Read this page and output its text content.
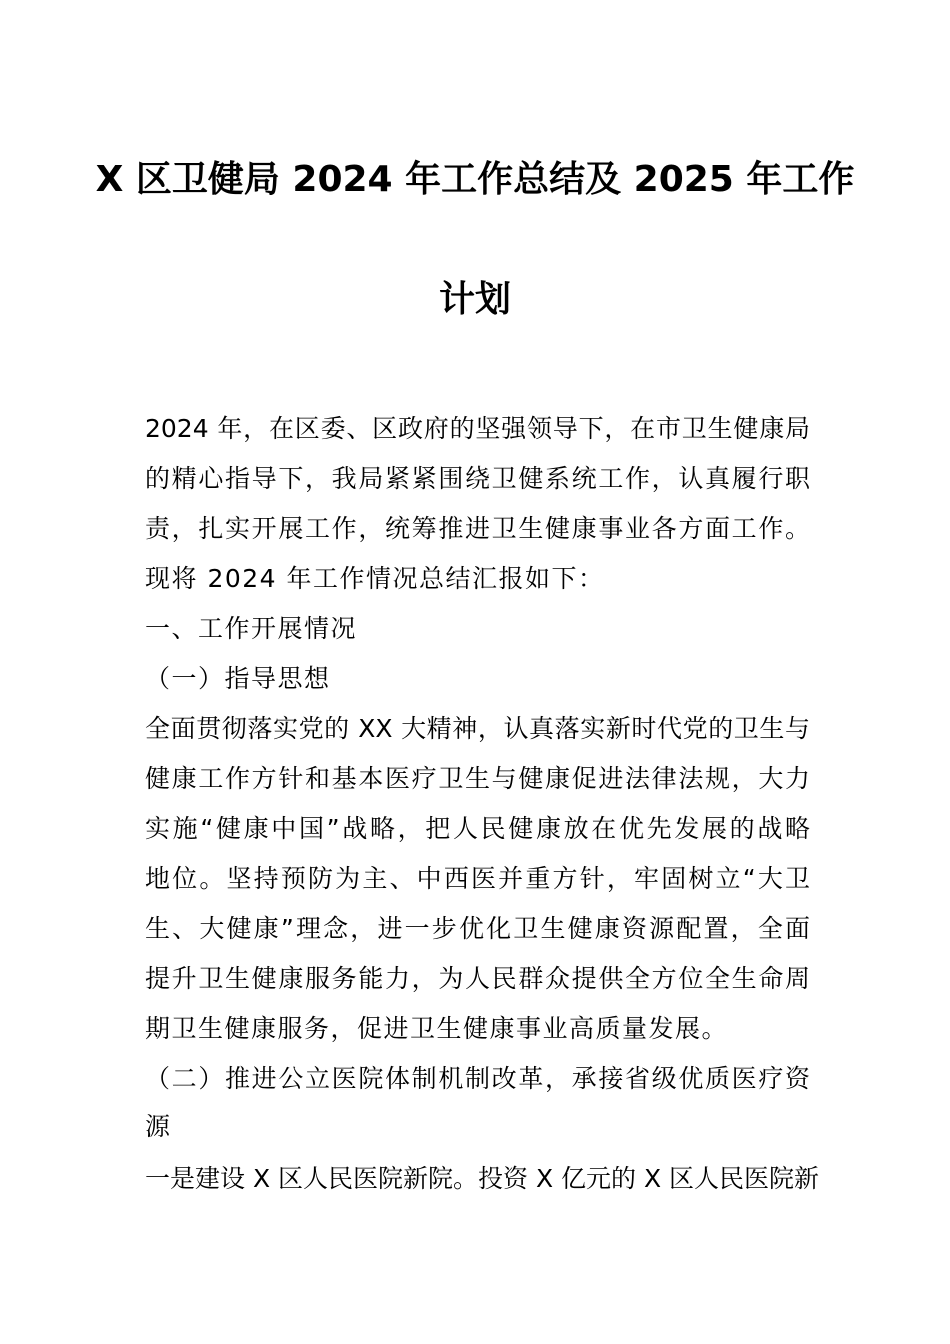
X 区卫健局 2024 年工作总结及 2025 年工作
计划
2024 年，在区委、区政府的坚强领导下，在市卫生健康局
的精心指导下，我局紧紧围绕卫健系统工作，认真履行职
责，扎实开展工作，统筹推进卫生健康事业各方面工作。
现将 2024 年工作情况总结汇报如下：
一、工作开展情况
（一）指导思想
全面贯彻落实党的 XX 大精神，认真落实新时代党的卫生与
健康工作方针和基本医疗卫生与健康促进法律法规，大力
实施“健康中国”战略，把人民健康放在优先发展的战略
地位。坚持预防为主、中西医并重方针，牢固树立“大卫
生、大健康”理念，进一步优化卫生健康资源配置，全面
提升卫生健康服务能力，为人民群众提供全方位全生命周
期卫生健康服务，促进卫生健康事业高质量发展。
（二）推进公立医院体制机制改革，承接省级优质医疗资
源
一是建设 X 区人民医院新院。投资 X 亿元的 X 区人民医院新
